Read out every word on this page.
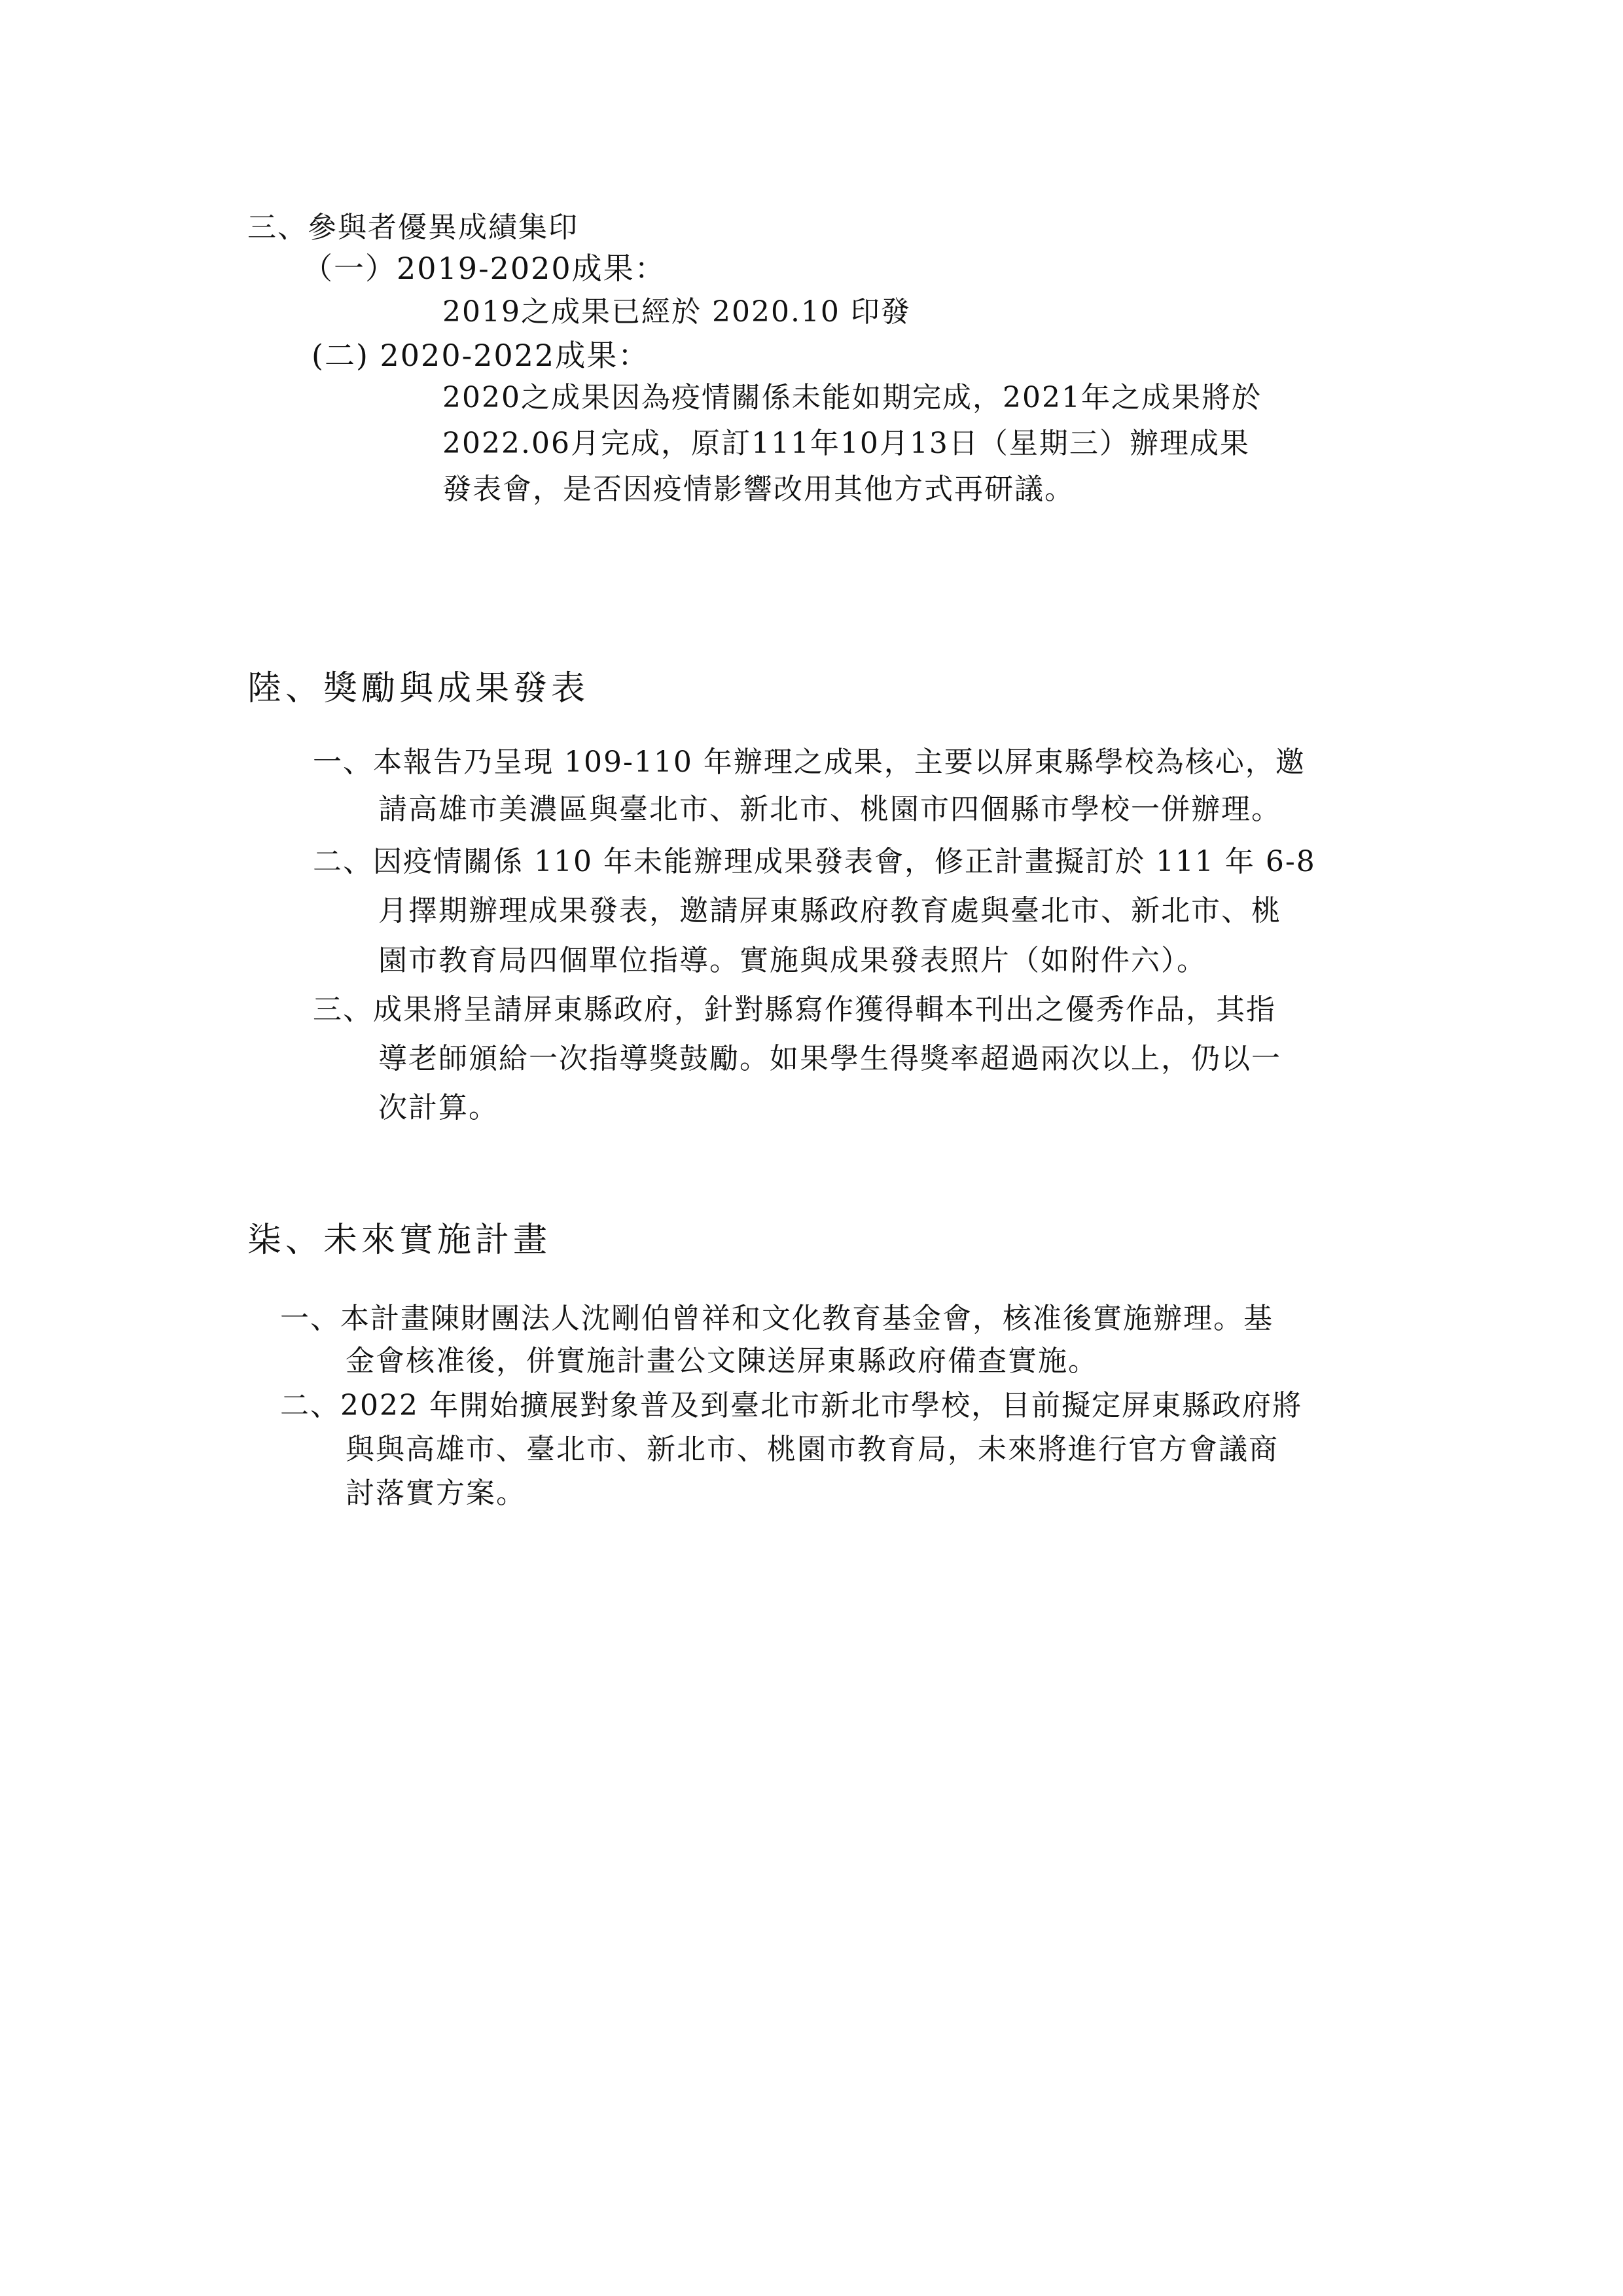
三、參與者優異成績集印
（一）2019-2020成果：
2019之成果已經於 2020.10 印發
(二) 2020-2022成果：
2020之成果因為疫情關係未能如期完成，2021年之成果將於
2022.06月完成，原訂111年10月13日（星期三）辦理成果
發表會，是否因疫情影響改用其他方式再研議。
陸、獎勵與成果發表
一、本報告乃呈現 109-110 年辦理之成果，主要以屏東縣學校為核心，邀
請高雄市美濃區與臺北市、新北市、桃園市四個縣市學校一併辦理。
二、因疫情關係 110 年未能辦理成果發表會，修正計畫擬訂於 111 年 6-8
月擇期辦理成果發表，邀請屏東縣政府教育處與臺北市、新北市、桃
園市教育局四個單位指導。實施與成果發表照片（如附件六）。
三、成果將呈請屏東縣政府，針對縣寫作獲得輯本刊出之優秀作品，其指
導老師頒給一次指導獎鼓勵。如果學生得獎率超過兩次以上，仍以一
次計算。
柒、未來實施計畫
一、本計畫陳財團法人沈剛伯曾祥和文化教育基金會，核准後實施辦理。基
金會核准後，併實施計畫公文陳送屏東縣政府備查實施。
二、2022 年開始擴展對象普及到臺北市新北市學校，目前擬定屏東縣政府將
與與高雄市、臺北市、新北市、桃園市教育局，未來將進行官方會議商
討落實方案。
